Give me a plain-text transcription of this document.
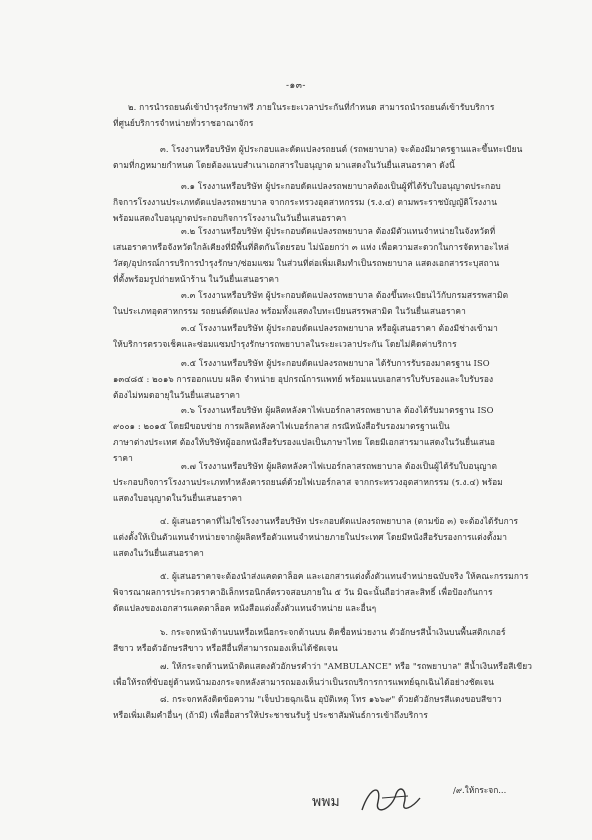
-๑๓-
๒. การนำรถยนต์เข้าบำรุงรักษาฟรี ภายในระยะเวลาประกันที่กำหนด สามารถนำรถยนต์เข้ารับบริการ
ที่ศูนย์บริการจำหน่ายทั่วราชอาณาจักร
๓. โรงงานหรือบริษัท ผู้ประกอบและดัดแปลงรถยนต์ (รถพยาบาล) จะต้องมีมาตรฐานและขึ้นทะเบียน
ตามที่กฎหมายกำหนด โดยต้องแนบสำเนาเอกสารใบอนุญาต มาแสดงในวันยื่นเสนอราคา ดังนี้
๓.๑ โรงงานหรือบริษัท ผู้ประกอบดัดแปลงรถพยาบาลต้องเป็นผู้ที่ได้รับใบอนุญาตประกอบ
กิจการโรงงานประเภทดัดแปลงรถพยาบาล จากกระทรวงอุตสาหกรรม (ร.ง.๔) ตามพระราชบัญญัติโรงงาน
พร้อมแสดงใบอนุญาตประกอบกิจการโรงงานในวันยื่นเสนอราคา
๓.๒ โรงงานหรือบริษัท ผู้ประกอบดัดแปลงรถพยาบาล ต้องมีตัวแทนจำหน่ายในจังหวัดที่
เสนอราคาหรือจังหวัดใกล้เคียงที่มีพื้นที่ติดกันโดยรอบ ไม่น้อยกว่า ๓ แห่ง เพื่อความสะดวกในการจัดหาอะไหล่
วัสดุ/อุปกรณ์การบริการบำรุงรักษา/ซ่อมแซม ในส่วนที่ต่อเพิ่มเติมทำเป็นรถพยาบาล แสดงเอกสารระบุสถาน
ที่ตั้งพร้อมรูปถ่ายหน้าร้าน ในวันยื่นเสนอราคา
๓.๓ โรงงานหรือบริษัท ผู้ประกอบดัดแปลงรถพยาบาล ต้องขึ้นทะเบียนไว้กับกรมสรรพสามิต
ในประเภทอุตสาหกรรม รถยนต์ดัดแปลง พร้อมทั้งแสดงใบทะเบียนสรรพสามิต ในวันยื่นเสนอราคา
๓.๔ โรงงานหรือบริษัท ผู้ประกอบดัดแปลงรถพยาบาล หรือผู้เสนอราคา ต้องมีช่างเข้ามา
ให้บริการตรวจเช็คและซ่อมแซมบำรุงรักษารถพยาบาลในระยะเวลาประกัน โดยไม่คิดค่าบริการ
๓.๕ โรงงานหรือบริษัท ผู้ประกอบดัดแปลงรถพยาบาล ได้รับการรับรองมาตรฐาน ISO
๑๓๔๘๕ : ๒๐๑๖ การออกแบบ ผลิต จำหน่าย อุปกรณ์การแพทย์ พร้อมแนบเอกสารใบรับรองและใบรับรอง
ต้องไม่หมดอายุในวันยื่นเสนอราคา
๓.๖ โรงงานหรือบริษัท ผู้ผลิตหลังคาไฟเบอร์กลาสรถพยาบาล ต้องได้รับมาตรฐาน ISO
๙๐๐๑ : ๒๐๑๕ โดยมีขอบข่าย การผลิตหลังคาไฟเบอร์กลาส กรณีหนังสือรับรองมาตรฐานเป็น
ภาษาต่างประเทศ ต้องให้บริษัทผู้ออกหนังสือรับรองแปลเป็นภาษาไทย โดยมีเอกสารมาแสดงในวันยื่นเสนอ
ราคา
๓.๗ โรงงานหรือบริษัท ผู้ผลิตหลังคาไฟเบอร์กลาสรถพยาบาล ต้องเป็นผู้ได้รับใบอนุญาต
ประกอบกิจการโรงงานประเภททำหลังคารถยนต์ด้วยไฟเบอร์กลาส จากกระทรวงอุตสาหกรรม (ร.ง.๔) พร้อม
แสดงใบอนุญาตในวันยื่นเสนอราคา
๔. ผู้เสนอราคาที่ไม่ใช่โรงงานหรือบริษัท ประกอบดัดแปลงรถพยาบาล (ตามข้อ ๓) จะต้องได้รับการ
แต่งตั้งให้เป็นตัวแทนจำหน่ายจากผู้ผลิตหรือตัวแทนจำหน่ายภายในประเทศ โดยมีหนังสือรับรองการแต่งตั้งมา
แสดงในวันยื่นเสนอราคา
๕. ผู้เสนอราคาจะต้องนำส่งแคตตาล็อค และเอกสารแต่งตั้งตัวแทนจำหน่ายฉบับจริง ให้คณะกรรมการ
พิจารณาผลการประกวดราคาอิเล็กทรอนิกส์ตรวจสอบภายใน ๕ วัน มิฉะนั้นถือว่าสละสิทธิ์ เพื่อป้องกันการ
ดัดแปลงของเอกสารแคตตาล็อค หนังสือแต่งตั้งตัวแทนจำหน่าย และอื่นๆ
๖. กระจกหน้าด้านบนหรือเหนือกระจกด้านบน ติดชื่อหน่วยงาน ตัวอักษรสีน้ำเงินบนพื้นสติกเกอร์
สีขาว หรือตัวอักษรสีขาว หรือสีอื่นที่สามารถมองเห็นได้ชัดเจน
๗. ให้กระจกด้านหน้าติดแสดงตัวอักษรคำว่า "AMBULANCE" หรือ "รถพยาบาล" สีน้ำเงินหรือสีเขียว
เพื่อให้รถที่ขับอยู่ด้านหน้ามองกระจกหลังสามารถมองเห็นว่าเป็นรถบริการการแพทย์ฉุกเฉินได้อย่างชัดเจน
๘. กระจกหลังติดข้อความ "เจ็บป่วยฉุกเฉิน อุบัติเหตุ โทร ๑๖๖๙" ด้วยตัวอักษรสีแดงขอบสีขาว
หรือเพิ่มเติมคำอื่นๆ (ถ้ามี) เพื่อสื่อสารให้ประชาชนรับรู้ ประชาสัมพันธ์การเข้าถึงบริการ
พพม
/๙.ให้กระจก...
